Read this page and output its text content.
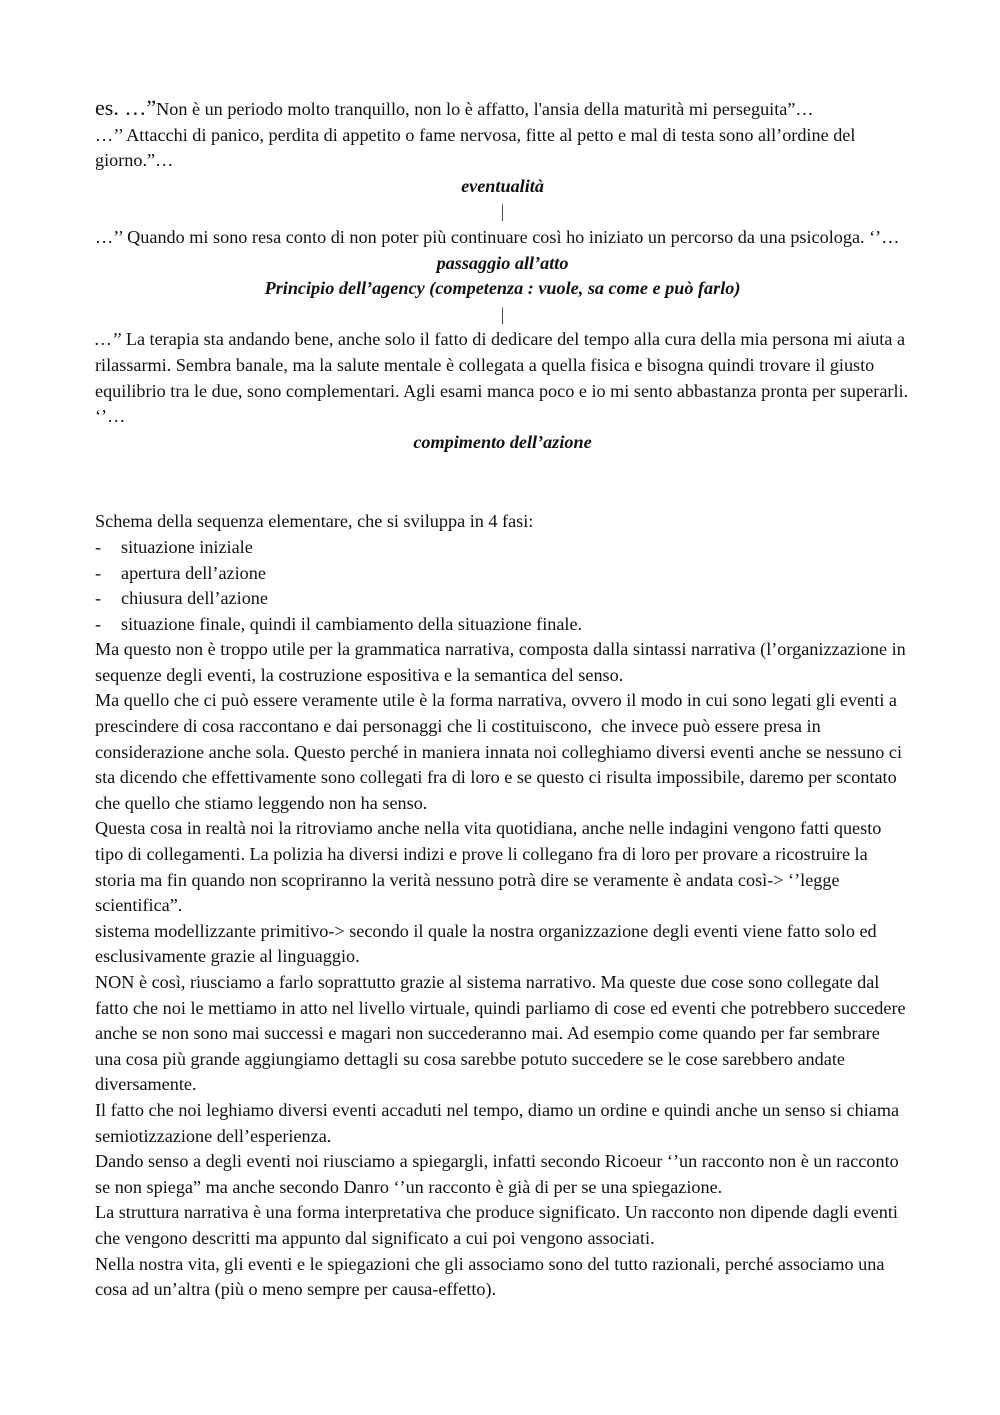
es. …”Non è un periodo molto tranquillo, non lo è affatto, l'ansia della maturità mi perseguita”…

…’’ Attacchi di panico, perdita di appetito o fame nervosa, fitte al petto e mal di testa sono all’ordine del giorno.”…

eventualità

|

…’’ Quando mi sono resa conto di non poter più continuare così ho iniziato un percorso da una psicologa. ‘’…

passaggio all’atto

Principio dell’agency (competenza : vuole, sa come e può farlo)

|

…’’ La terapia sta andando bene, anche solo il fatto di dedicare del tempo alla cura della mia persona mi aiuta a rilassarmi. Sembra banale, ma la salute mentale è collegata a quella fisica e bisogna quindi trovare il giusto equilibrio tra le due, sono complementari. Agli esami manca poco e io mi sento abbastanza pronta per superarli. ‘’…

compimento dell’azione

Schema della sequenza elementare, che si sviluppa in 4 fasi:

- situazione iniziale
- apertura dell’azione
- chiusura dell’azione
- situazione finale, quindi il cambiamento della situazione finale.

Ma questo non è troppo utile per la grammatica narrativa, composta dalla sintassi narrativa (l’organizzazione in sequenze degli eventi, la costruzione espositiva e la semantica del senso.

Ma quello che ci può essere veramente utile è la forma narrativa, ovvero il modo in cui sono legati gli eventi a prescindere di cosa raccontano e dai personaggi che li costituiscono,  che invece può essere presa in considerazione anche sola. Questo perché in maniera innata noi colleghiamo diversi eventi anche se nessuno ci sta dicendo che effettivamente sono collegati fra di loro e se questo ci risulta impossibile, daremo per scontato che quello che stiamo leggendo non ha senso.

Questa cosa in realtà noi la ritroviamo anche nella vita quotidiana, anche nelle indagini vengono fatti questo tipo di collegamenti. La polizia ha diversi indizi e prove li collegano fra di loro per provare a ricostruire la storia ma fin quando non scopriranno la verità nessuno potrà dire se veramente è andata così-> ‘’legge scientifica”.

sistema modellizzante primitivo-> secondo il quale la nostra organizzazione degli eventi viene fatto solo ed esclusivamente grazie al linguaggio.

NON è così, riusciamo a farlo soprattutto grazie al sistema narrativo. Ma queste due cose sono collegate dal fatto che noi le mettiamo in atto nel livello virtuale, quindi parliamo di cose ed eventi che potrebbero succedere anche se non sono mai successi e magari non succederanno mai. Ad esempio come quando per far sembrare una cosa più grande aggiungiamo dettagli su cosa sarebbe potuto succedere se le cose sarebbero andate diversamente.

Il fatto che noi leghiamo diversi eventi accaduti nel tempo, diamo un ordine e quindi anche un senso si chiama semiotizzazione dell’esperienza.

Dando senso a degli eventi noi riusciamo a spiegargli, infatti secondo Ricoeur ‘’un racconto non è un racconto se non spiega” ma anche secondo Danro ‘’un racconto è già di per se una spiegazione.

La struttura narrativa è una forma interpretativa che produce significato. Un racconto non dipende dagli eventi che vengono descritti ma appunto dal significato a cui poi vengono associati.

Nella nostra vita, gli eventi e le spiegazioni che gli associamo sono del tutto razionali, perché associamo una cosa ad un’altra (più o meno sempre per causa-effetto).
